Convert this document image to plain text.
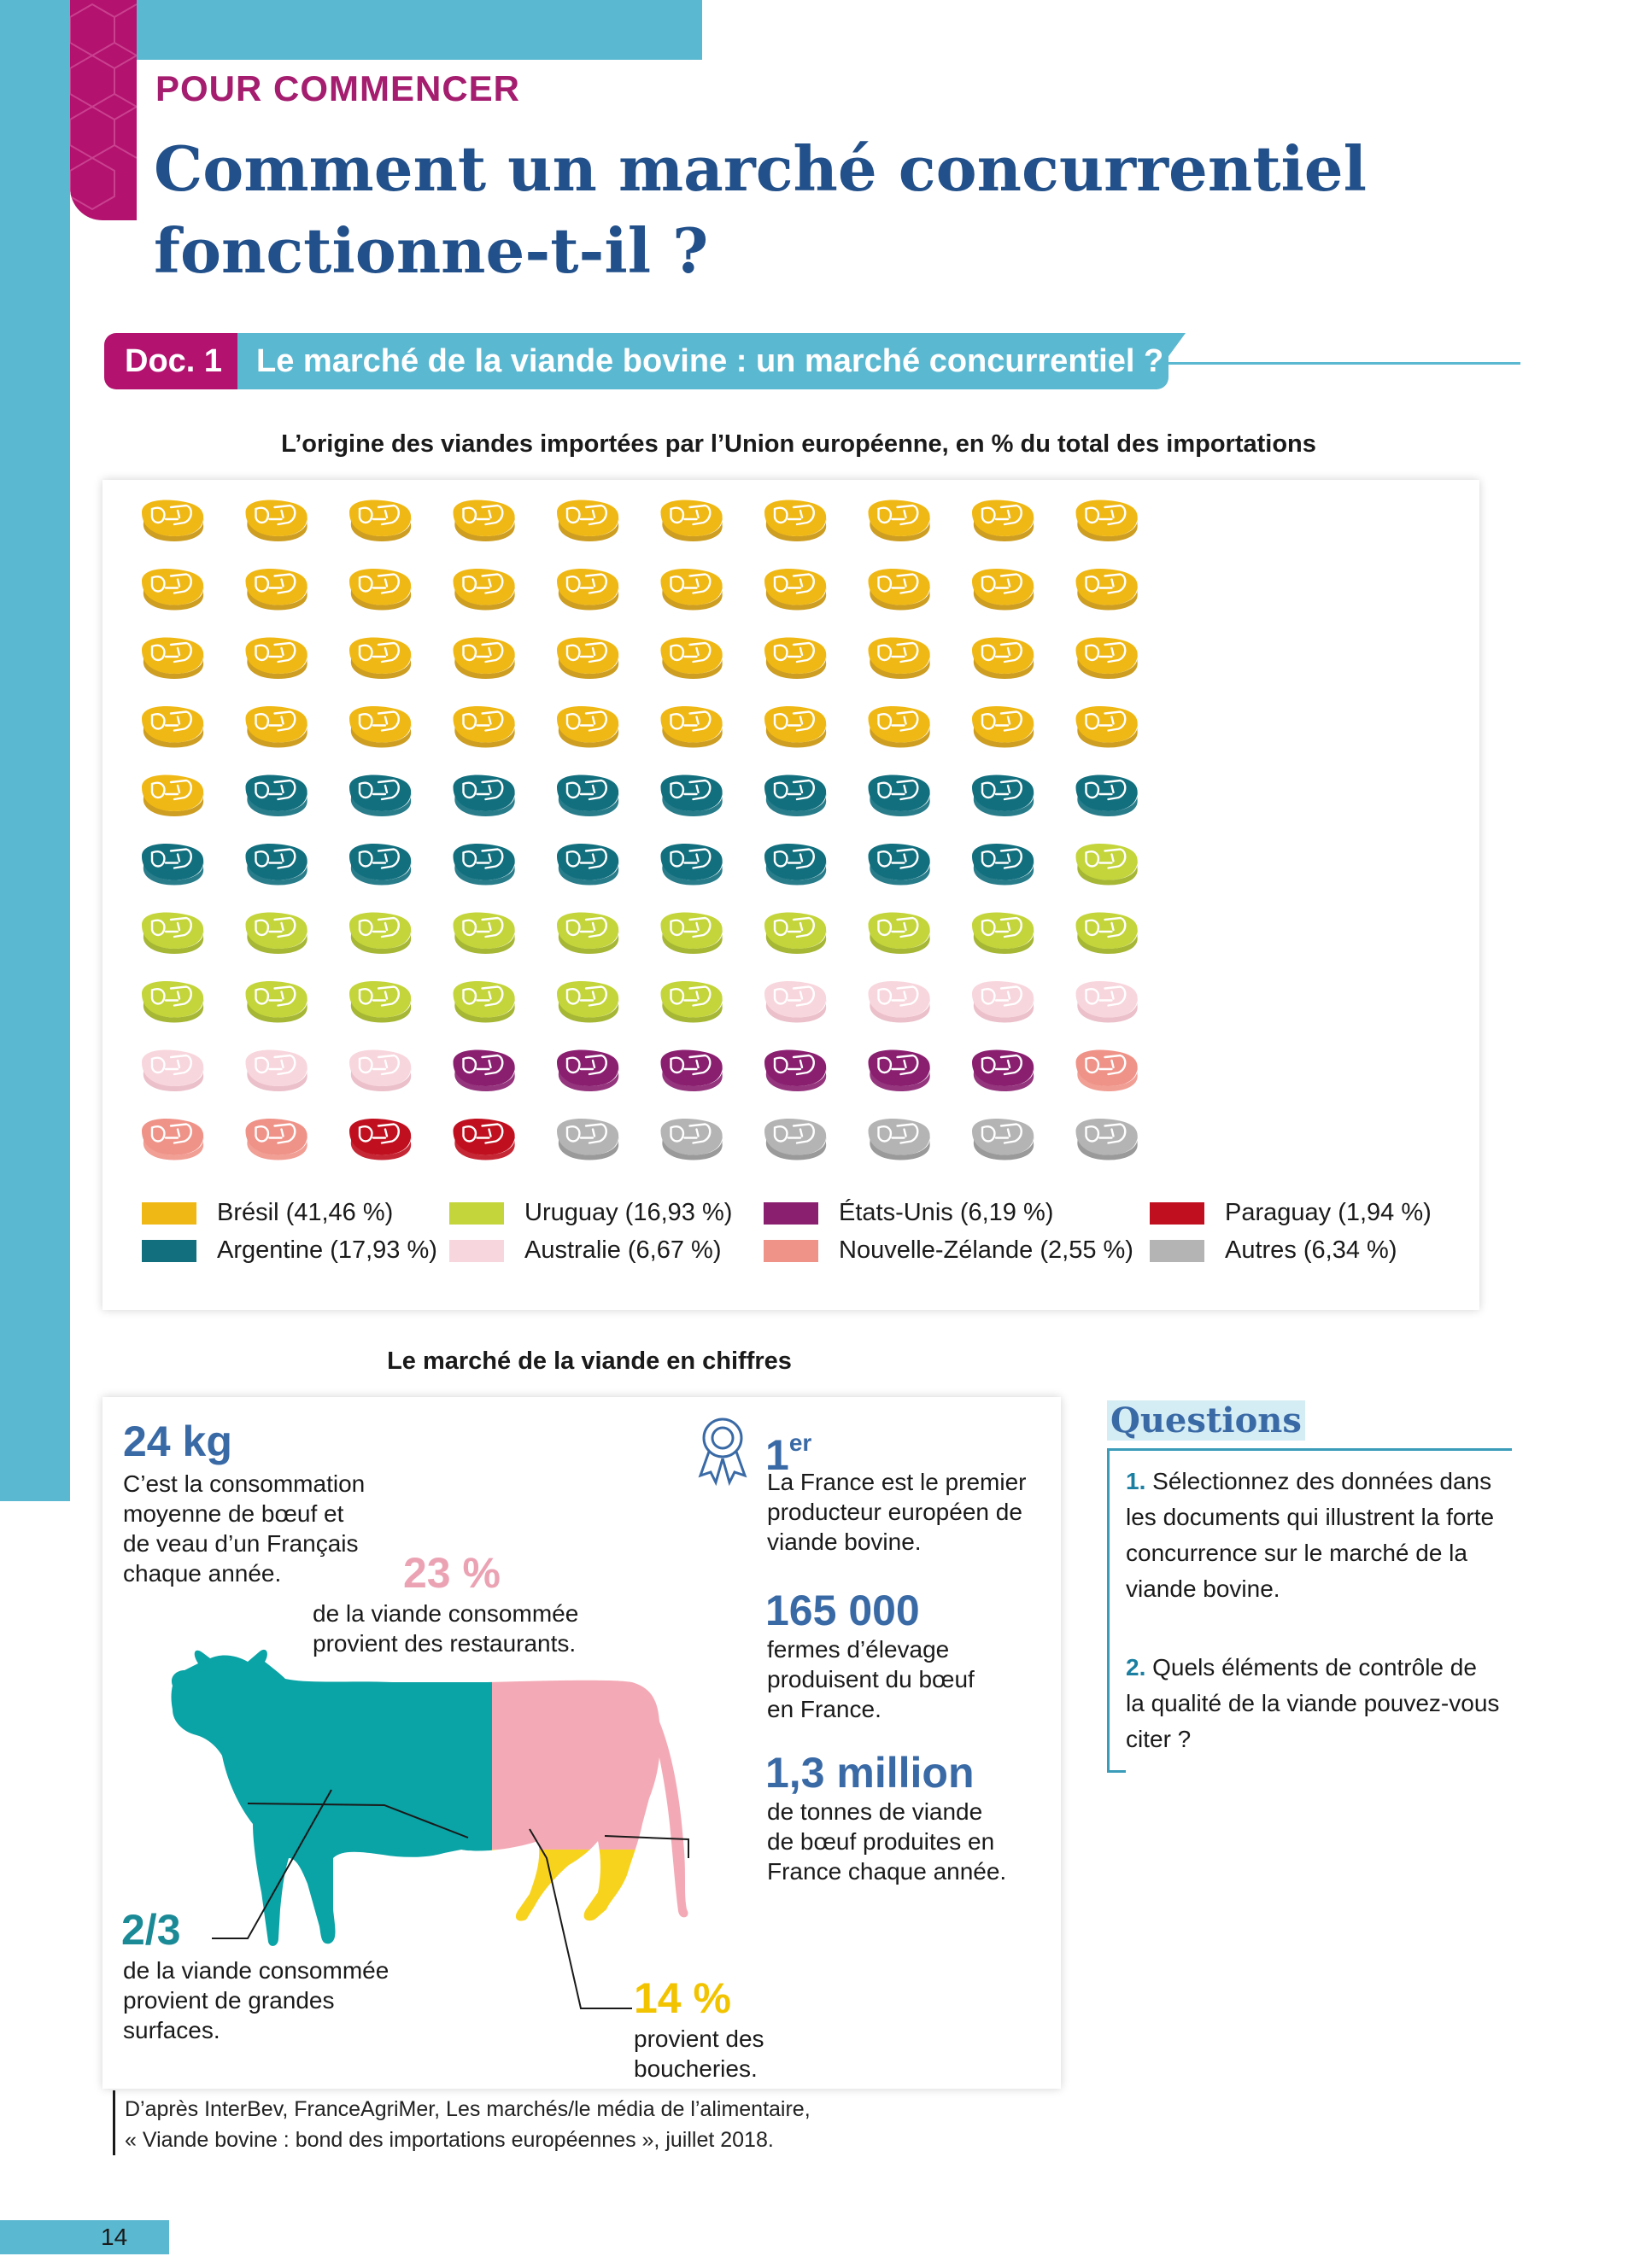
POUR COMMENCER
Comment un marché concurrentiel
fonctionne-t-il ?
Doc. 1	Le marché de la viande bovine : un marché concurrentiel ?
L’origine des viandes importées par l’Union européenne, en % du total des importations
Brésil (41,46 %)
Argentine (17,93 %)
Uruguay (16,93 %)
Australie (6,67 %)
États-Unis (6,19 %)
Nouvelle-Zélande (2,55 %)
Paraguay (1,94 %)
Autres (6,34 %)
Le marché de la viande en chiffres
24 kg
C’est la consommation
moyenne de bœuf et
de veau d’un Français
chaque année.	23 %
de la viande consommée
provient des restaurants.
2/3
de la viande consommée
provient de grandes
surfaces.
14 %
provient des
boucheries.
1er
La France est le premier
producteur européen de
viande bovine.
165 000
fermes d’élevage
produisent du bœuf
en France.
1,3 million
de tonnes de viande
de bœuf produites en
France chaque année.
D’après InterBev, FranceAgriMer, Les marchés/le média de l’alimentaire,
« Viande bovine : bond des importations européennes », juillet 2018.
Questions
1. Sélectionnez des données dans les documents qui illustrent la forte concurrence sur le marché de la viande bovine.
2. Quels éléments de contrôle de la qualité de la viande pouvez-vous citer ?
14
